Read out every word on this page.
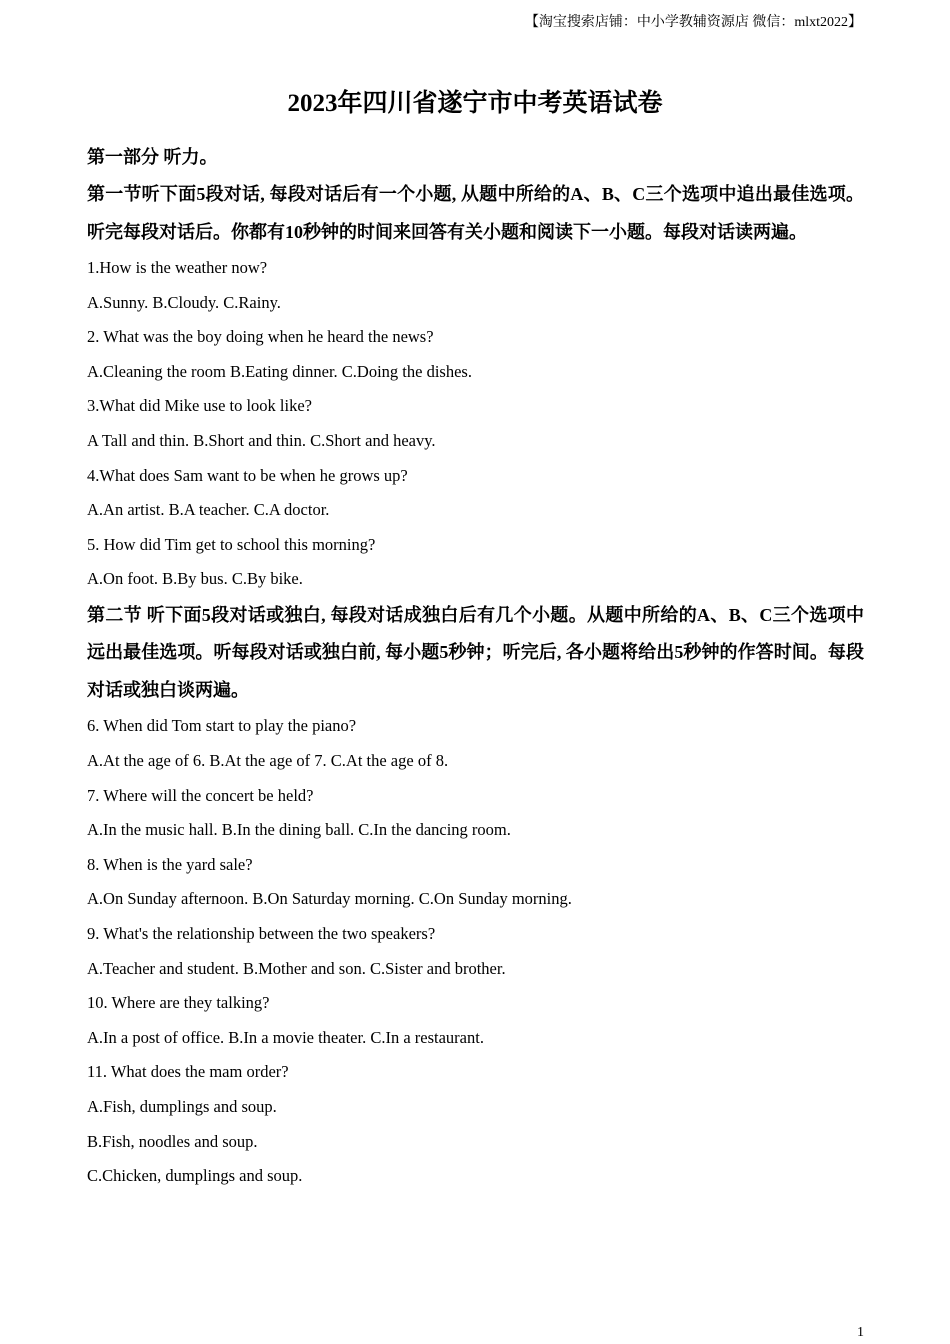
【淘宝搜索店铺：中小学教辅资源店 微信：mlxt2022】
2023年四川省遂宁市中考英语试卷
第一部分 听力。
第一节听下面5段对话, 每段对话后有一个小题, 从题中所给的A、B、C三个选项中追出最佳选项。听完每段对话后。你都有10秒钟的时间来回答有关小题和阅读下一小题。每段对话读两遍。
1.How is the weather now?
A.Sunny. B.Cloudy. C.Rainy.
2. What was the boy doing when he heard the news?
A.Cleaning the room B.Eating dinner. C.Doing the dishes.
3.What did Mike use to look like?
A Tall and thin. B.Short and thin. C.Short and heavy.
4.What does Sam want to be when he grows up?
A.An artist. B.A teacher. C.A doctor.
5. How did Tim get to school this morning?
A.On foot. B.By bus. C.By bike.
第二节 听下面5段对话或独白, 每段对话成独白后有几个小题。从题中所给的A、B、C三个选项中远出最佳选项。听每段对话或独白前, 每小题5秒钟；听完后, 各小题将给出5秒钟的作答时间。每段对话或独白谈两遍。
6. When did Tom start to play the piano?
A.At the age of 6. B.At the age of 7. C.At the age of 8.
7. Where will the concert be held?
A.In the music hall. B.In the dining ball. C.In the dancing room.
8. When is the yard sale?
A.On Sunday afternoon. B.On Saturday morning. C.On Sunday morning.
9. What's the relationship between the two speakers?
A.Teacher and student. B.Mother and son. C.Sister and brother.
10. Where are they talking?
A.In a post of office. B.In a movie theater. C.In a restaurant.
11. What does the mam order?
A.Fish, dumplings and soup.
B.Fish, noodles and soup.
C.Chicken, dumplings and soup.
1
